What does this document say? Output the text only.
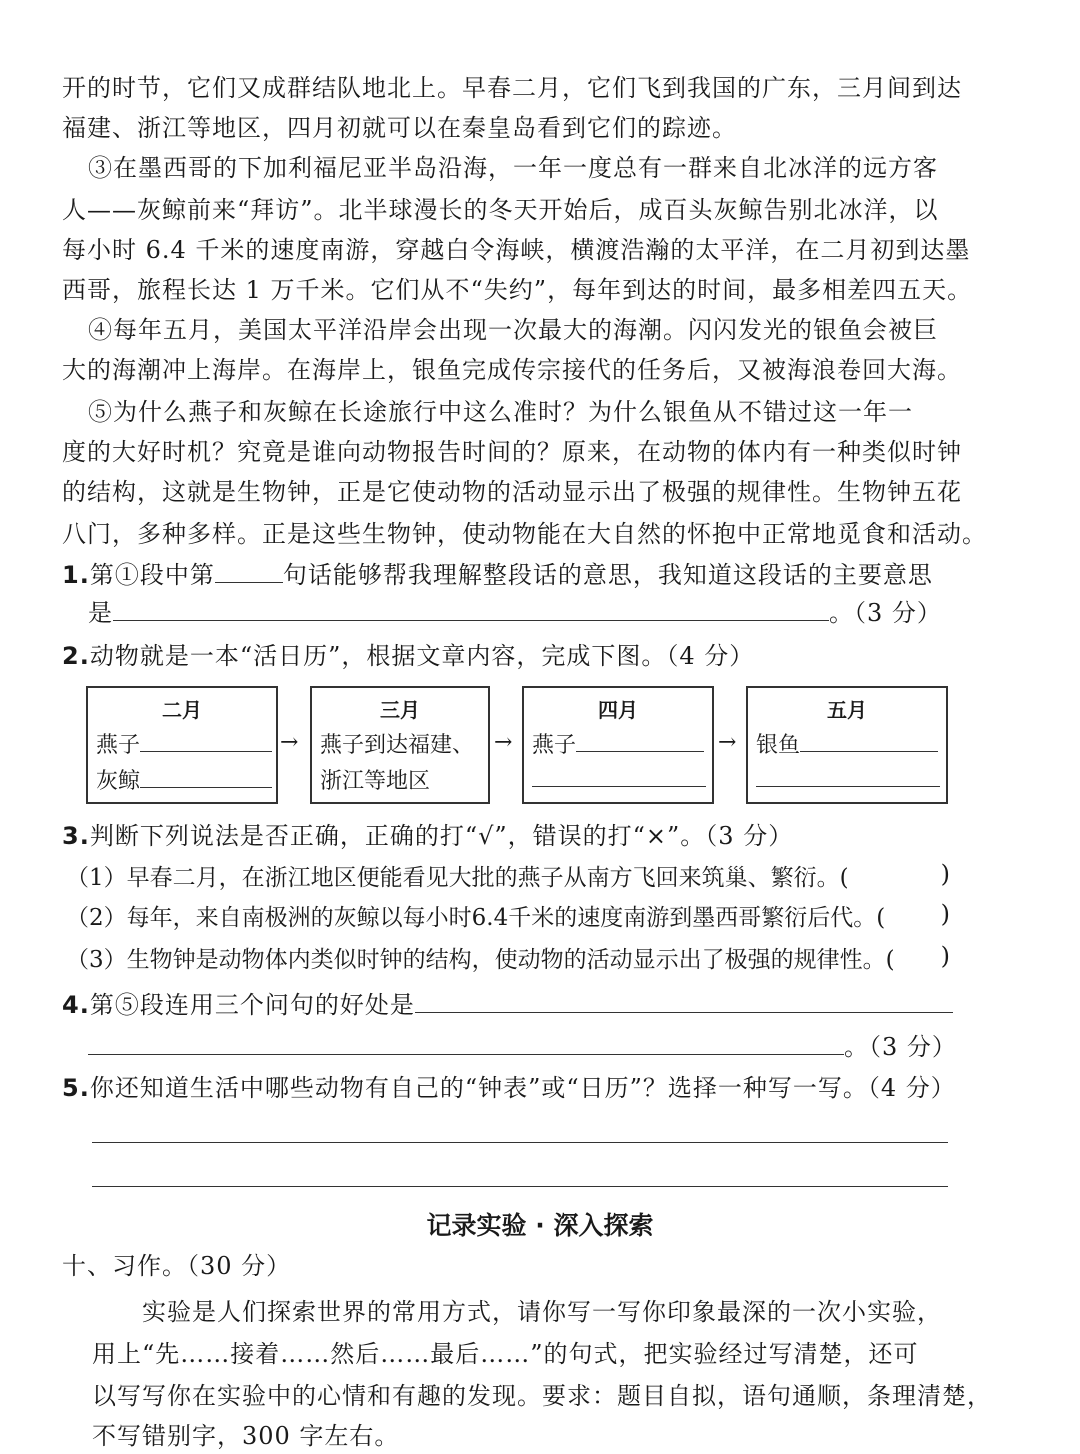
开的时节，它们又成群结队地北上。早春二月，它们飞到我国的广东，三月间到达
福建、浙江等地区，四月初就可以在秦皇岛看到它们的踪迹。
③在墨西哥的下加利福尼亚半岛沿海，一年一度总有一群来自北冰洋的远方客
人——灰鲸前来“拜访”。北半球漫长的冬天开始后，成百头灰鲸告别北冰洋，以
每小时 6.4 千米的速度南游，穿越白令海峡，横渡浩瀚的太平洋，在二月初到达墨
西哥，旅程长达 1 万千米。它们从不“失约”，每年到达的时间，最多相差四五天。
④每年五月，美国太平洋沿岸会出现一次最大的海潮。闪闪发光的银鱼会被巨
大的海潮冲上海岸。在海岸上，银鱼完成传宗接代的任务后，又被海浪卷回大海。
⑤为什么燕子和灰鲸在长途旅行中这么准时？为什么银鱼从不错过这一年一
度的大好时机？究竟是谁向动物报告时间的？原来，在动物的体内有一种类似时钟
的结构，这就是生物钟，正是它使动物的活动显示出了极强的规律性。生物钟五花
八门，多种多样。正是这些生物钟，使动物能在大自然的怀抱中正常地觅食和活动。
1.第①段中第	句话能够帮我理解整段话的意思，我知道这段话的主要意思
是	。（3 分）
2.动物就是一本“活日历”，根据文章内容，完成下图。（4 分）
二月
燕子
灰鲸
→
三月
燕子到达福建、
浙江等地区
→
四月
燕子	→
五月
银鱼
3.判断下列说法是否正确，正确的打“√”，错误的打“×”。（3 分）
（1）早春二月，在浙江地区便能看见大批的燕子从南方飞回来筑巢、繁衍。(	)
（2）每年，来自南极洲的灰鲸以每小时6.4千米的速度南游到墨西哥繁衍后代。(	)
（3）生物钟是动物体内类似时钟的结构，使动物的活动显示出了极强的规律性。(	)
4.第⑤段连用三个问句的好处是
。（3 分）
5.你还知道生活中哪些动物有自己的“钟表”或“日历”？选择一种写一写。（4 分）
记录实验 · 深入探索
十、习作。（30 分）
实验是人们探索世界的常用方式，请你写一写你印象最深的一次小实验，
用上“先……接着……然后……最后……”的句式，把实验经过写清楚，还可
以写写你在实验中的心情和有趣的发现。要求：题目自拟，语句通顺，条理清楚，
不写错别字，300 字左右。
